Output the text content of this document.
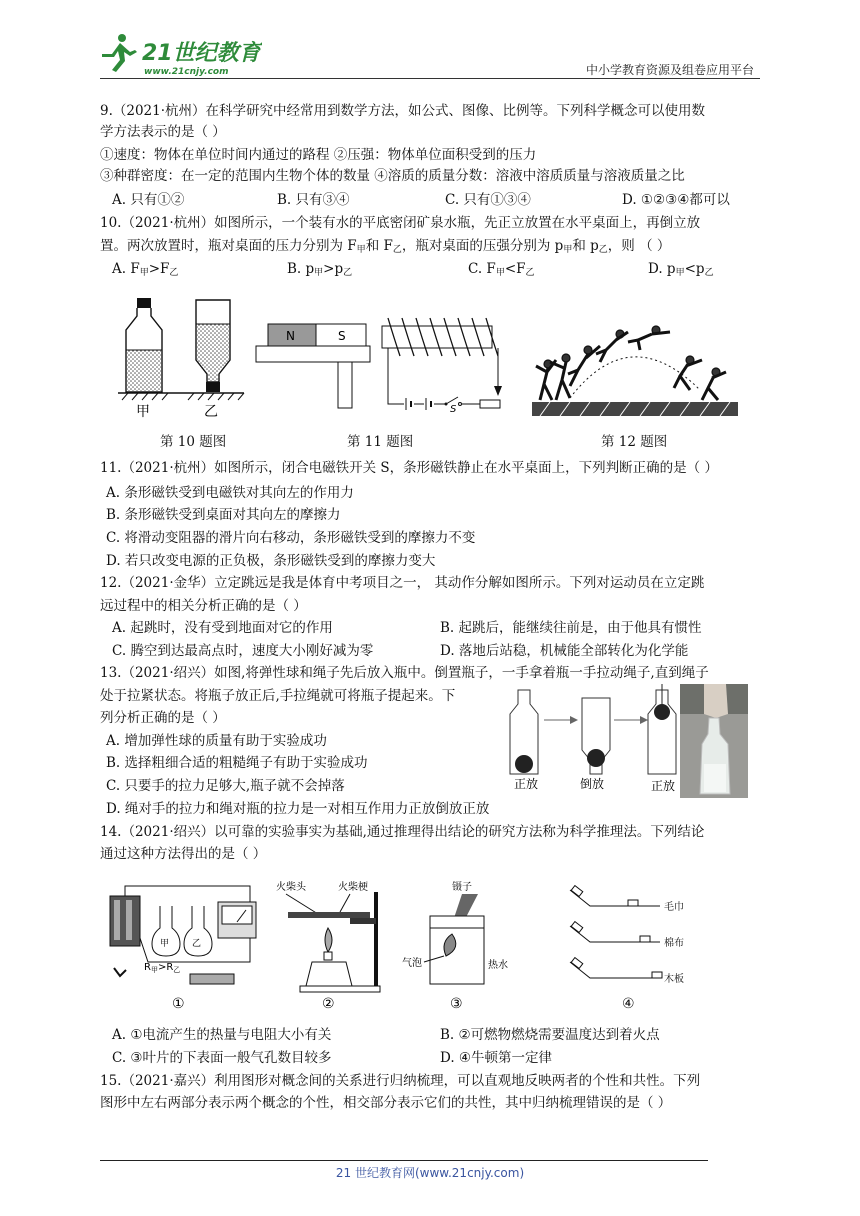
21世纪教育
www.21cnjy.com	中小学教育资源及组卷应用平台
9.（2021·杭州）在科学研究中经常用到数学方法，如公式、图像、比例等。下列科学概念可以使用数
学方法表示的是（ ）
①速度：物体在单位时间内通过的路程 ②压强：物体单位面积受到的压力
③种群密度：在一定的范围内生物个体的数量 ④溶质的质量分数：溶液中溶质质量与溶液质量之比
A. 只有①②	B. 只有③④	C. 只有①③④	D. ①②③④都可以
10.（2021·杭州）如图所示，一个装有水的平底密闭矿泉水瓶，先正立放置在水平桌面上，再倒立放
置。两次放置时，瓶对桌面的压力分别为 $F_甲$和 $F_乙$，瓶对桌面的压强分别为 $p_甲$和 $p_乙$，则 （ ）
A. $F_甲>F_乙$	B. $p_甲>p_乙$	C. $F_甲<F_乙$	D. $p_甲<p_乙$
甲	乙
N	S
S
第 10 题图	第 11 题图	第 12 题图
11.（2021·杭州）如图所示，闭合电磁铁开关 S，条形磁铁静止在水平桌面上，下列判断正确的是（ ）
A. 条形磁铁受到电磁铁对其向左的作用力
B. 条形磁铁受到桌面对其向左的摩擦力
C. 将滑动变阻器的滑片向右移动，条形磁铁受到的摩擦力不变
D. 若只改变电源的正负极，条形磁铁受到的摩擦力变大
12.（2021·金华）立定跳远是我是体育中考项目之一， 其动作分解如图所示。下列对运动员在立定跳
远过程中的相关分析正确的是（ ）
A. 起跳时，没有受到地面对它的作用	B. 起跳后，能继续往前是，由于他具有惯性
C. 腾空到达最高点时，速度大小刚好减为零	D. 落地后站稳，机械能全部转化为化学能
13.（2021·绍兴）如图,将弹性球和绳子先后放入瓶中。倒置瓶子，一手拿着瓶一手拉动绳子,直到绳子
处于拉紧状态。将瓶子放正后,手拉绳就可将瓶子提起来。下
列分析正确的是（ ）
A. 增加弹性球的质量有助于实验成功
B. 选择粗细合适的粗糙绳子有助于实验成功
C. 只要手的拉力足够大,瓶子就不会掉落
D. 绳对手的拉力和绳对瓶的拉力是一对相互作用力正放倒放正放
正放	倒放	正放
14.（2021·绍兴）以可靠的实验事实为基础,通过推理得出结论的研究方法称为科学推理法。下列结论
通过这种方法得出的是（ ）
甲	乙
$R_甲>R_乙$
①
火柴头	火柴梗
②
镊子
气泡	热水
③
毛巾
棉布
木板
④
A. ①电流产生的热量与电阻大小有关	B. ②可燃物燃烧需要温度达到着火点
C. ③叶片的下表面一般气孔数目较多	D. ④牛顿第一定律
15.（2021·嘉兴）利用图形对概念间的关系进行归纳梳理，可以直观地反映两者的个性和共性。下列
图形中左右两部分表示两个概念的个性，相交部分表示它们的共性，其中归纳梳理错误的是（ ）
21 世纪教育网(www.21cnjy.com)
